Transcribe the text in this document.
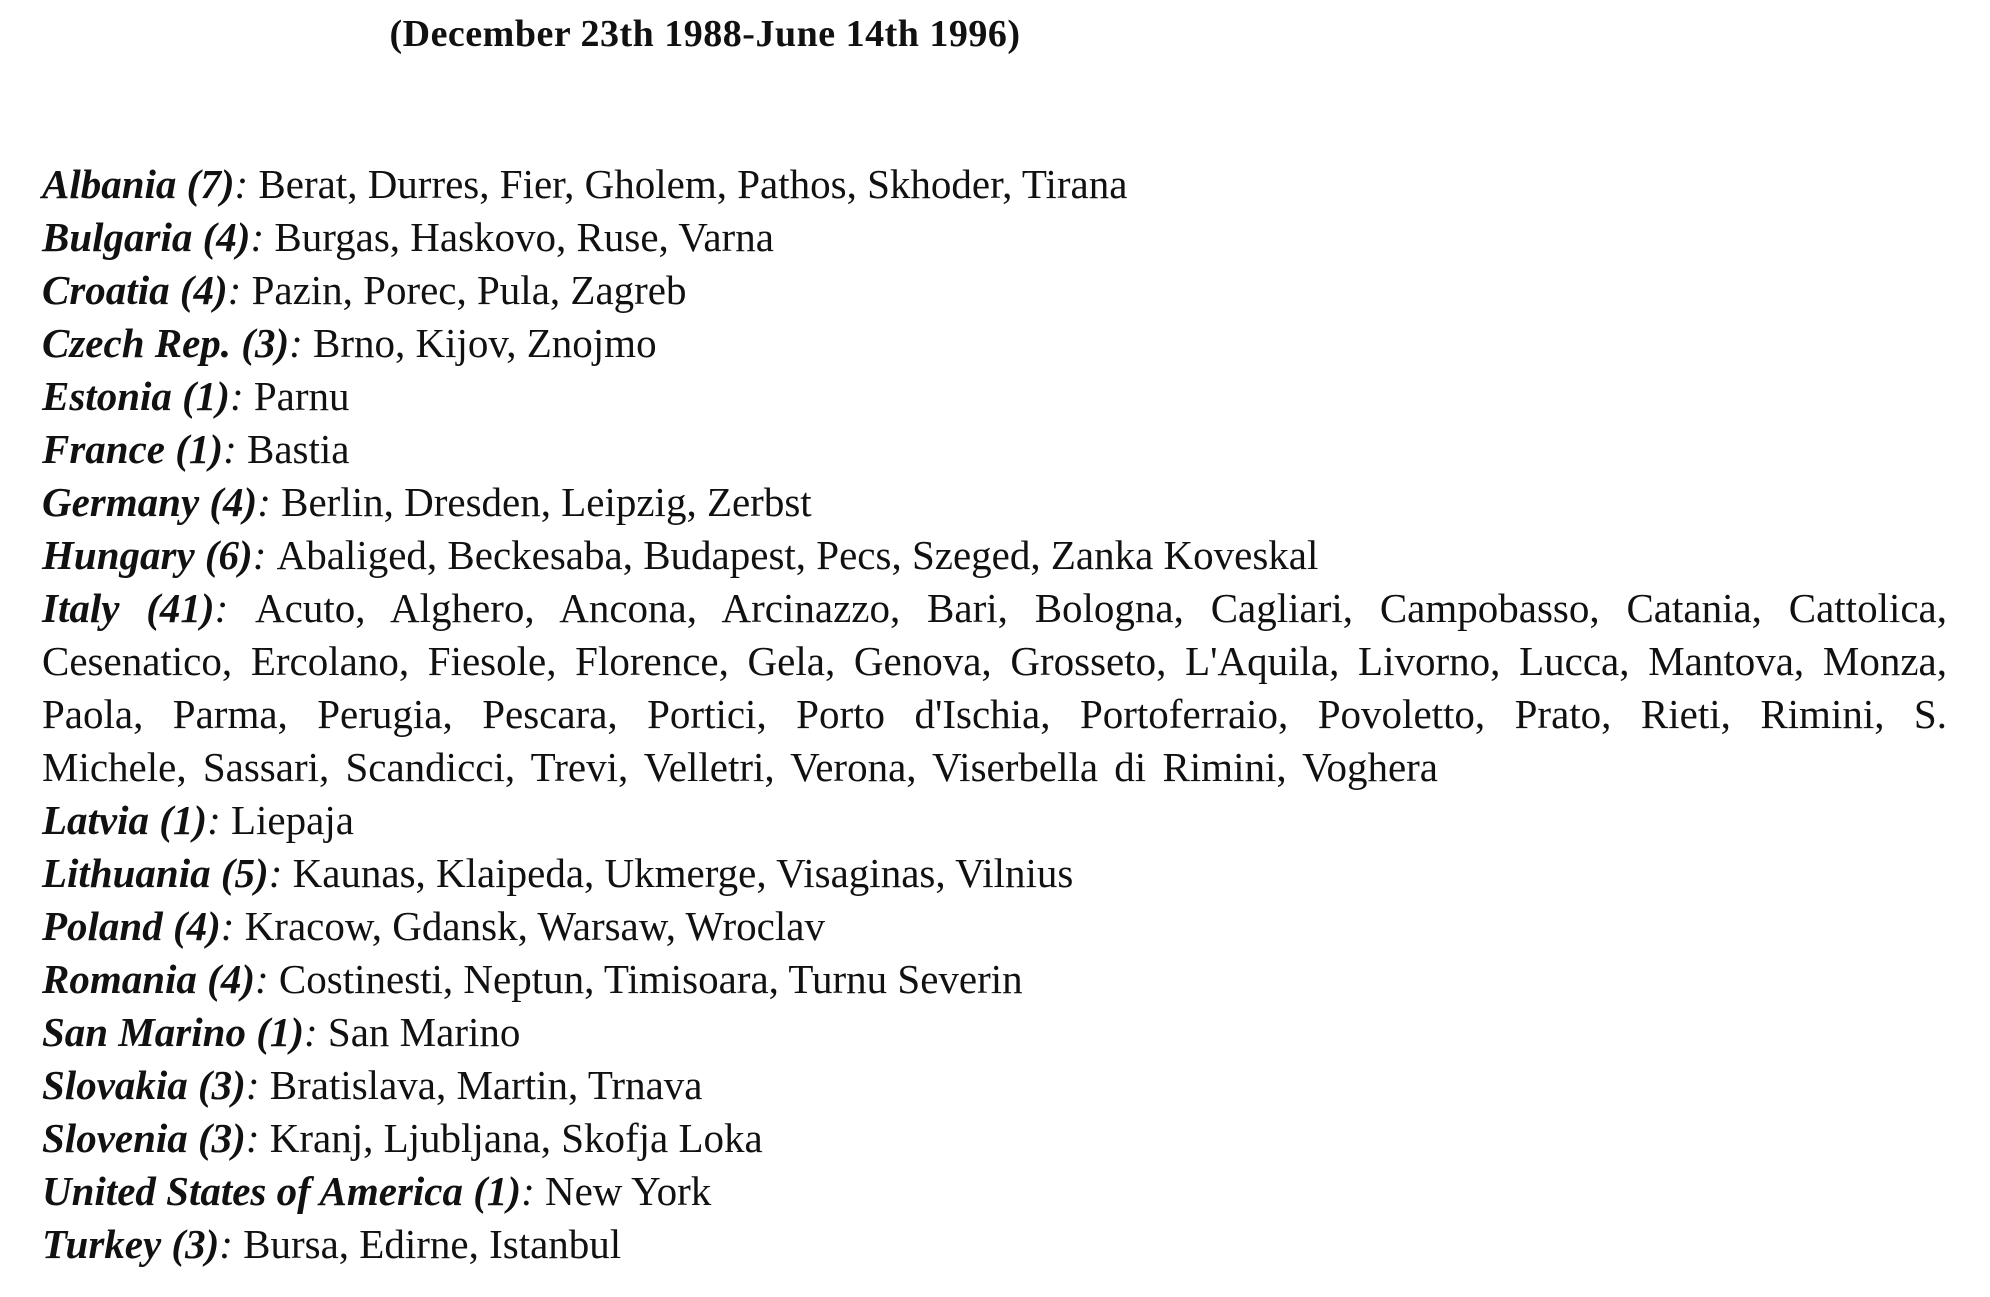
(December 23th 1988-June 14th 1996)
Albania (7): Berat, Durres, Fier, Gholem, Pathos, Skhoder, Tirana
Bulgaria (4): Burgas, Haskovo, Ruse, Varna
Croatia (4): Pazin, Porec, Pula, Zagreb
Czech Rep. (3): Brno, Kijov, Znojmo
Estonia (1): Parnu
France (1): Bastia
Germany (4): Berlin, Dresden, Leipzig, Zerbst
Hungary (6): Abaliged, Beckesaba, Budapest, Pecs, Szeged, Zanka Koveskal
Italy (41): Acuto, Alghero, Ancona, Arcinazzo, Bari, Bologna, Cagliari, Campobasso, Catania, Cattolica, Cesenatico, Ercolano, Fiesole, Florence, Gela, Genova, Grosseto, L'Aquila, Livorno, Lucca, Mantova, Monza, Paola, Parma, Perugia, Pescara, Portici, Porto d'Ischia, Portoferraio, Povoletto, Prato, Rieti, Rimini, S. Michele, Sassari, Scandicci, Trevi, Velletri, Verona, Viserbella di Rimini, Voghera
Latvia (1): Liepaja
Lithuania (5): Kaunas, Klaipeda, Ukmerge, Visaginas, Vilnius
Poland (4): Kracow, Gdansk, Warsaw, Wroclav
Romania (4): Costinesti, Neptun, Timisoara, Turnu Severin
San Marino (1): San Marino
Slovakia (3): Bratislava, Martin, Trnava
Slovenia (3): Kranj, Ljubljana, Skofja Loka
United States of America (1): New York
Turkey (3): Bursa, Edirne, Istanbul
